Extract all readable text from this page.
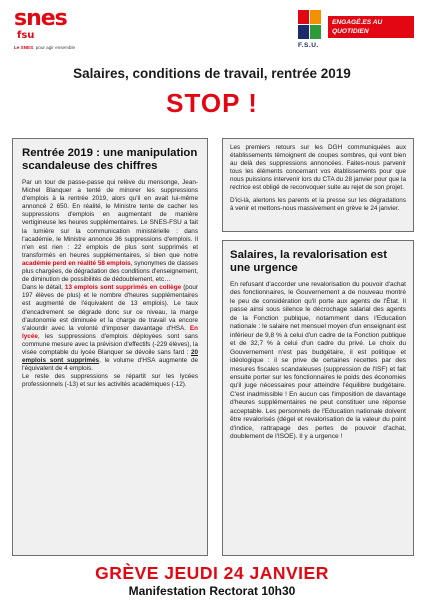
snes
fsu
Le SNES, pour agir ensemble	F.S.U.
ENGAGÉ.ES AU QUOTIDIEN
Salaires, conditions de travail, rentrée 2019
STOP !
Rentrée 2019 : une manipulation scandaleuse des chiffres

Par un tour de passe-passe qui relève du mensonge, Jean-Michel Blanquer a tenté de minorer les suppressions d'emplois à la rentrée 2019, alors qu'il en avait lui-même annoncé 2 650. En réalité, le Ministre tente de cacher les suppressions d'emplois en augmentant de manière vertigineuse les heures supplémentaires. Le SNES-FSU a fait la lumière sur la communication ministérielle : dans l'académie, le Ministre annonce 36 suppressions d'emplois. Il n'en est rien : 22 emplois de plus sont supprimés et transformés en heures supplémentaires, si bien que notre académie perd en réalité 58 emplois, synonymes de classes plus chargées, de dégradation des conditions d'enseignement, de diminution de possibilités de dédoublement, etc…

Dans le détail, 13 emplois sont supprimés en collège (pour 197 élèves de plus) et le nombre d'heures supplémentaires est augmenté de l'équivalent de 13 emplois). Le taux d'encadrement se dégrade donc sur ce niveau, la marge d'autonomie est diminuée et la charge de travail va encore s'alourdir avec la volonté d'imposer davantage d'HSA. En lycée, les suppressions d'emplois déployées sont sans commune mesure avec la prévision d'effectifs (-229 élèves), la visée comptable du lycée Blanquer se dévoile sans fard : 20 emplois sont supprimés, le volume d'HSA augmente de l'équivalent de 4 emplois.

Le reste des suppressions se répartit sur les lycées professionnels (-13) et sur les activités académiques (-12).

Les premiers retours sur les DGH communiquées aux établissements témoignent de coupes sombres, qui vont bien au delà des suppressions annoncées. Faites-nous parvenir tous les éléments concernant vos établissements pour que nous puissions intervenir lors du CTA du 28 janvier pour que la rectrice est obligé de reconvoquer suite au rejet de son projet.

D'ici-là, alertons les parents et la presse sur les dégradations à venir et mettons-nous massivement en grève le 24 janvier.

Salaires, la revalorisation est une urgence

En refusant d'accorder une revalorisation du pouvoir d'achat des fonctionnaires, le Gouvernement a de nouveau montré le peu de considération qu'il porte aux agents de l'État. Il passe ainsi sous silence le décrochage salarial des agents de la Fonction publique, notamment dans l'Education nationale : le salaire net mensuel moyen d'un enseignant est inférieur de 9,8 % à celui d'un cadre de la Fonction publique et de 32,7 % à celui d'un cadre du privé. Le choix du Gouvernement n'est pas budgétaire, il est politique et idéologique : il se prive de certaines recettes par des mesures fiscales scandaleuses (suppression de l'ISF) et fait ensuite porter sur les fonctionnaires le poids des économies qu'il juge nécessaires pour atteindre l'équilibre budgétaire. C'est inadmissible ! En aucun cas l'imposition de davantage d'heures supplémentaires ne peut constituer une réponse acceptable. Les personnels de l'Education nationale doivent être revalorisés (dégel et revalorisation de la valeur du point d'indice, rattrapage des pertes de pouvoir d'achat, doublement de l'ISOE). Il y a urgence !

GRÈVE JEUDI 24 JANVIER
Manifestation Rectorat 10h30
